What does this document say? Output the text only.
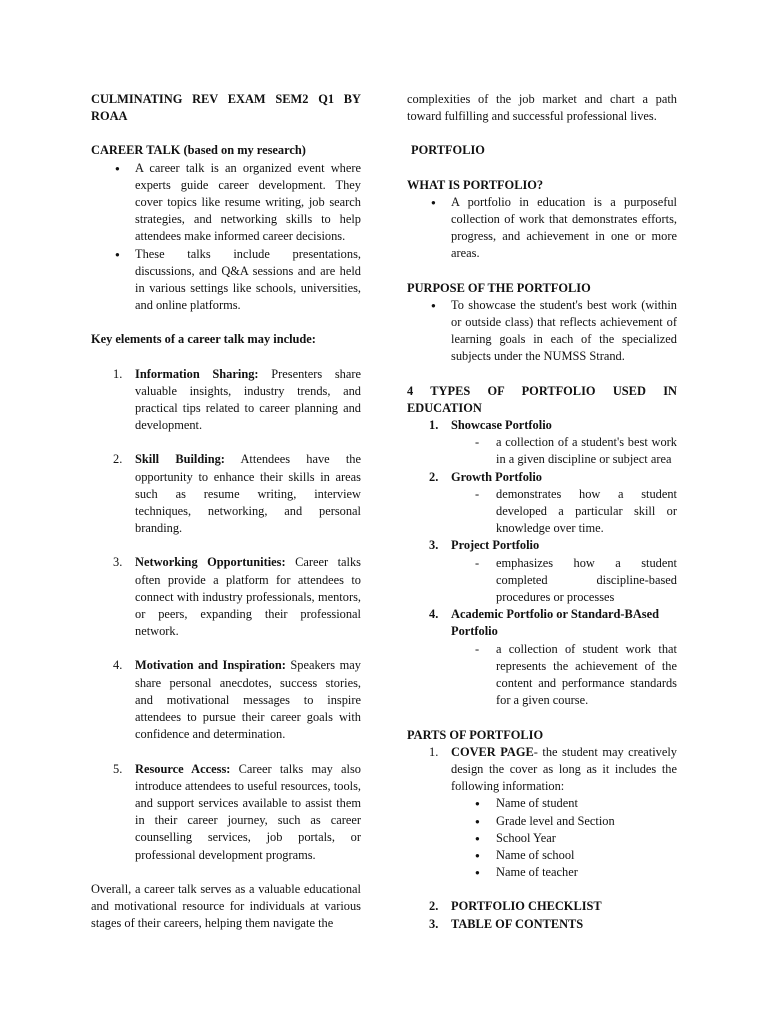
CULMINATING REV EXAM SEM2 Q1 BY ROAA

CAREER TALK (based on my research)

● A career talk is an organized event where experts guide career development. They cover topics like resume writing, job search strategies, and networking skills to help attendees make informed career decisions.
● These talks include presentations, discussions, and Q&A sessions and are held in various settings like schools, universities, and online platforms.

Key elements of a career talk may include:

1. Information Sharing: Presenters share valuable insights, industry trends, and practical tips related to career planning and development.
2. Skill Building: Attendees have the opportunity to enhance their skills in areas such as resume writing, interview techniques, networking, and personal branding.
3. Networking Opportunities: Career talks often provide a platform for attendees to connect with industry professionals, mentors, or peers, expanding their professional network.
4. Motivation and Inspiration: Speakers may share personal anecdotes, success stories, and motivational messages to inspire attendees to pursue their career goals with confidence and determination.
5. Resource Access: Career talks may also introduce attendees to useful resources, tools, and support services available to assist them in their career journey, such as career counselling services, job portals, or professional development programs.

Overall, a career talk serves as a valuable educational and motivational resource for individuals at various stages of their careers, helping them navigate the

complexities of the job market and chart a path toward fulfilling and successful professional lives.

PORTFOLIO

WHAT IS PORTFOLIO?

● A portfolio in education is a purposeful collection of work that demonstrates efforts, progress, and achievement in one or more areas.

PURPOSE OF THE PORTFOLIO

● To showcase the student's best work (within or outside class) that reflects achievement of learning goals in each of the specialized subjects under the NUMSS Strand.

4 TYPES OF PORTFOLIO USED IN EDUCATION

1. Showcase Portfolio
- a collection of a student's best work in a given discipline or subject area
2. Growth Portfolio
- demonstrates how a student developed a particular skill or knowledge over time.
3. Project Portfolio
- emphasizes how a student completed discipline-based procedures or processes
4. Academic Portfolio or Standard-BAsed Portfolio
- a collection of student work that represents the achievement of the content and performance standards for a given course.

PARTS OF PORTFOLIO

1. COVER PAGE- the student may creatively design the cover as long as it includes the following information:
● Name of student
● Grade level and Section
● School Year
● Name of school
● Name of teacher
2. PORTFOLIO CHECKLIST
3. TABLE OF CONTENTS
